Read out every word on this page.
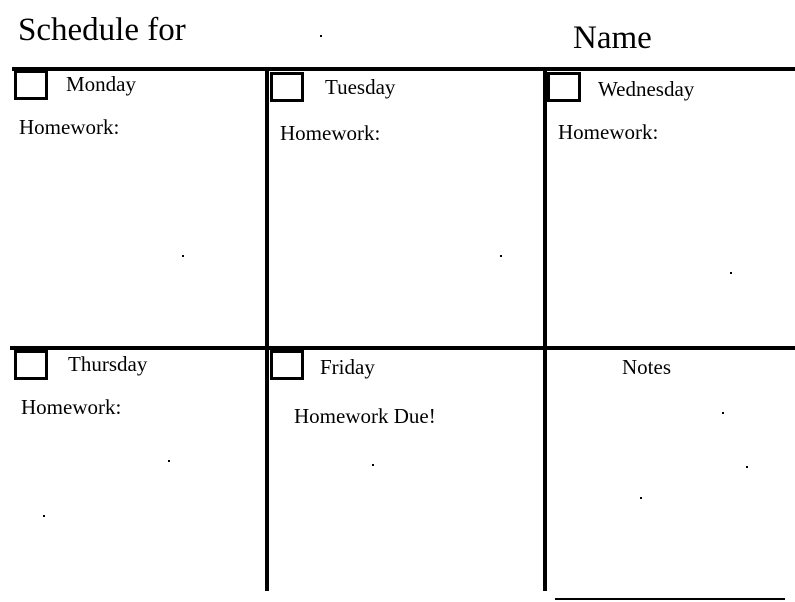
Schedule for	Name
Monday
Homework:
Tuesday
Homework:
Wednesday
Homework:
Thursday
Homework:
Friday
Homework Due!
Notes
